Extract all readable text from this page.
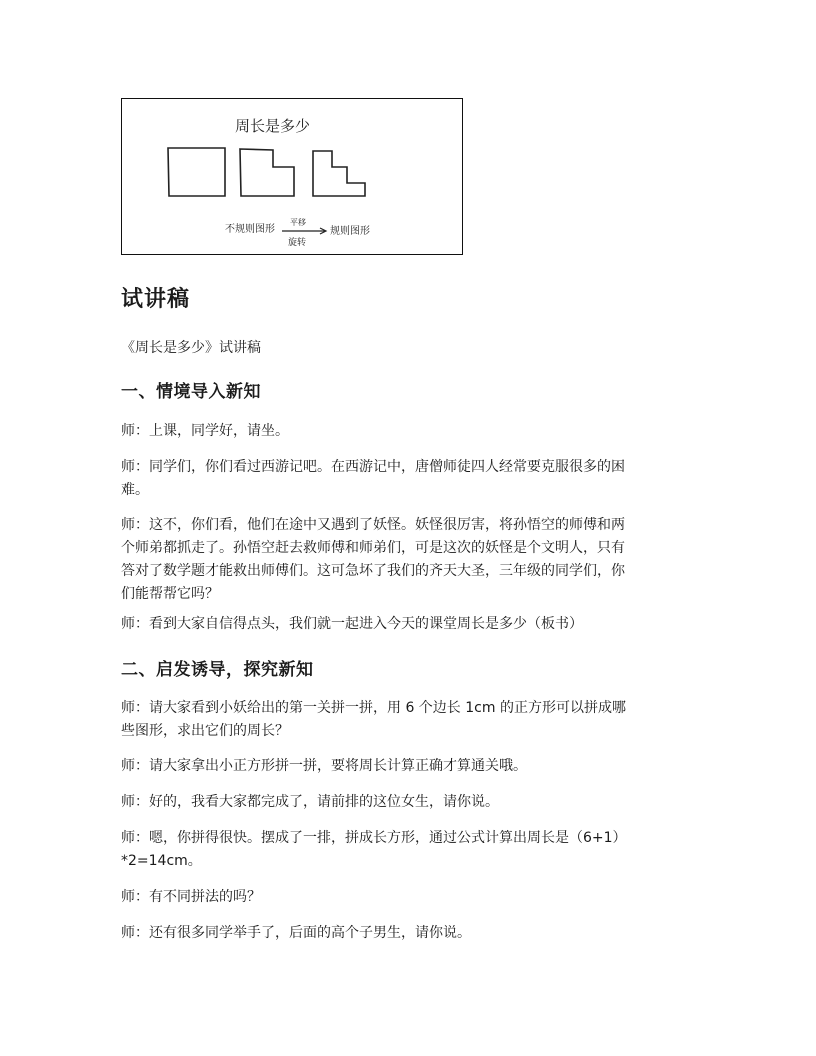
周长是多少
不规则图形
平移
旋转
规则图形
试讲稿
《周长是多少》试讲稿
一、情境导入新知
师：上课，同学好，请坐。
师：同学们，你们看过西游记吧。在西游记中，唐僧师徒四人经常要克服很多的困
难。
师：这不，你们看，他们在途中又遇到了妖怪。妖怪很厉害，将孙悟空的师傅和两
个师弟都抓走了。孙悟空赶去救师傅和师弟们，可是这次的妖怪是个文明人，只有
答对了数学题才能救出师傅们。这可急坏了我们的齐天大圣，三年级的同学们，你
们能帮帮它吗？
师：看到大家自信得点头，我们就一起进入今天的课堂周长是多少（板书）
二、启发诱导，探究新知
师：请大家看到小妖给出的第一关拼一拼，用 6 个边长 1cm 的正方形可以拼成哪
些图形，求出它们的周长？
师：请大家拿出小正方形拼一拼，要将周长计算正确才算通关哦。
师：好的，我看大家都完成了，请前排的这位女生，请你说。
师：嗯，你拼得很快。摆成了一排，拼成长方形，通过公式计算出周长是（6+1）
*2=14cm。
师：有不同拼法的吗？
师：还有很多同学举手了，后面的高个子男生，请你说。
